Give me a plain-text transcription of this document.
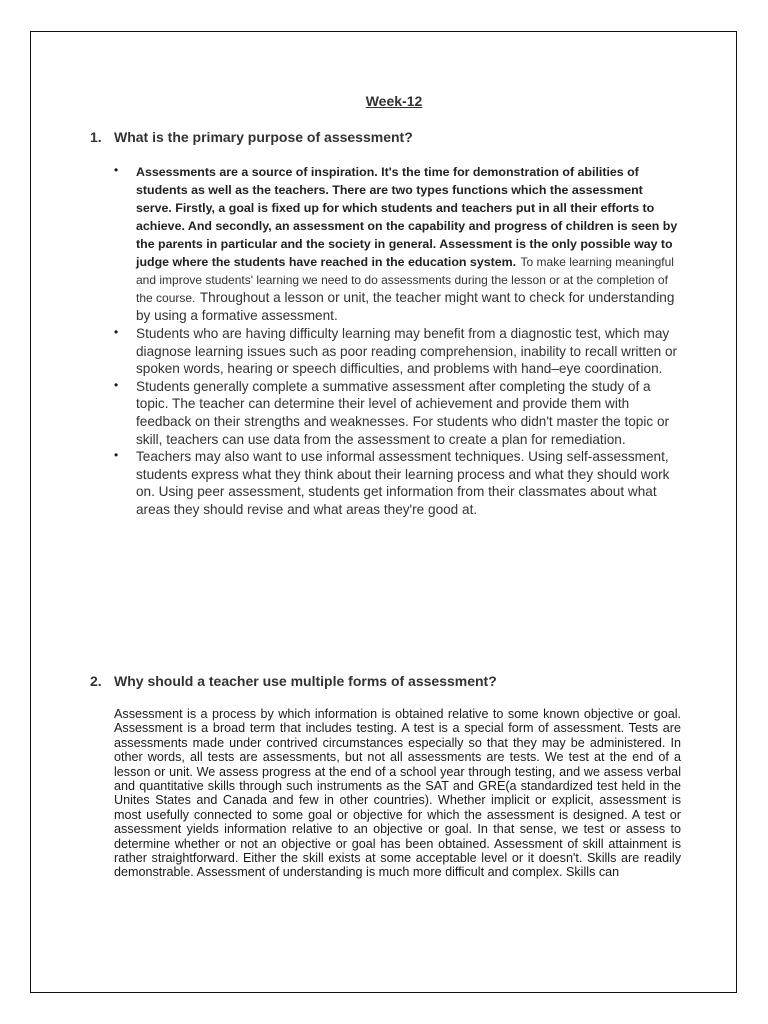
Week-12

1. What is the primary purpose of assessment?

• Assessments are a source of inspiration. It's the time for demonstration of abilities of students as well as the teachers. There are two types functions which the assessment serve. Firstly, a goal is fixed up for which students and teachers put in all their efforts to achieve. And secondly, an assessment on the capability and progress of children is seen by the parents in particular and the society in general. Assessment is the only possible way to judge where the students have reached in the education system. To make learning meaningful and improve students' learning we need to do assessments during the lesson or at the completion of the course. Throughout a lesson or unit, the teacher might want to check for understanding by using a formative assessment.
• Students who are having difficulty learning may benefit from a diagnostic test, which may diagnose learning issues such as poor reading comprehension, inability to recall written or spoken words, hearing or speech difficulties, and problems with hand–eye coordination.
• Students generally complete a summative assessment after completing the study of a topic. The teacher can determine their level of achievement and provide them with feedback on their strengths and weaknesses. For students who didn't master the topic or skill, teachers can use data from the assessment to create a plan for remediation.
• Teachers may also want to use informal assessment techniques. Using self-assessment, students express what they think about their learning process and what they should work on. Using peer assessment, students get information from their classmates about what areas they should revise and what areas they're good at.

2. Why should a teacher use multiple forms of assessment?

Assessment is a process by which information is obtained relative to some known objective or goal. Assessment is a broad term that includes testing. A test is a special form of assessment. Tests are assessments made under contrived circumstances especially so that they may be administered. In other words, all tests are assessments, but not all assessments are tests. We test at the end of a lesson or unit. We assess progress at the end of a school year through testing, and we assess verbal and quantitative skills through such instruments as the SAT and GRE(a standardized test held in the Unites States and Canada and few in other countries). Whether implicit or explicit, assessment is most usefully connected to some goal or objective for which the assessment is designed. A test or assessment yields information relative to an objective or goal. In that sense, we test or assess to determine whether or not an objective or goal has been obtained. Assessment of skill attainment is rather straightforward. Either the skill exists at some acceptable level or it doesn't. Skills are readily demonstrable. Assessment of understanding is much more difficult and complex. Skills can
